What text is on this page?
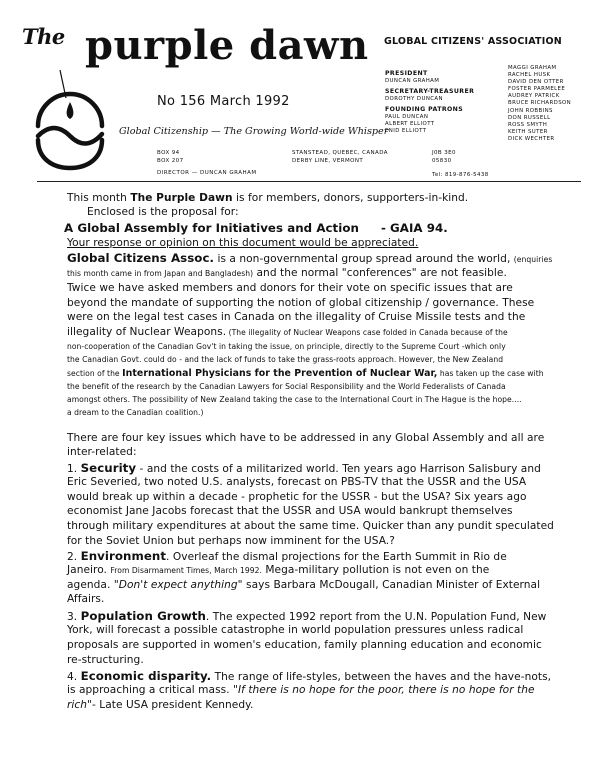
The purple dawn
No 156 March 1992
Global Citizenship — The Growing World-wide Whisper
GLOBAL CITIZENS' ASSOCIATION
PRESIDENT
DUNCAN GRAHAM
SECRETARY-TREASURER
DOROTHY DUNCAN
FOUNDING PATRONS
PAUL DUNCAN
ALBERT ELLIOTT
ENID ELLIOTT
MAGGI GRAHAM
RACHEL HUSK
DAVID DEN OTTER
FOSTER PARMELEE
AUDREY PATRICK
BRUCE RICHARDSON
JOHN ROBBINS
DON RUSSELL
ROSS SMYTH
KEITH SUTER
DICK WECHTER
BOX 94
BOX 207
STANSTEAD, QUEBEC, CANADA
DERBY LINE, VERMONT
J0B 3E0
05830
DIRECTOR — DUNCAN GRAHAM	Tel: 819-876-5438
This month The Purple Dawn is for members, donors, supporters-in-kind.
Enclosed is the proposal for:
A Global Assembly for Initiatives and Action - GAIA 94.
Your response or opinion on this document would be appreciated.
Global Citizens Assoc. is a non-governmental group spread around the world, (enquiries
this month came in from Japan and Bangladesh) and the normal "conferences" are not feasible.
Twice we have asked members and donors for their vote on specific issues that are
beyond the mandate of supporting the notion of global citizenship / governance. These
were on the legal test cases in Canada on the illegality of Cruise Missile tests and the
illegality of Nuclear Weapons. (The illegality of Nuclear Weapons case folded in Canada because of the
non-cooperation of the Canadian Gov't in taking the issue, on principle, directly to the Supreme Court -which only
the Canadian Govt. could do - and the lack of funds to take the grass-roots approach. However, the New Zealand
section of the International Physicians for the Prevention of Nuclear War, has taken up the case with
the benefit of the research by the Canadian Lawyers for Social Responsibility and the World Federalists of Canada
amongst others. The possibility of New Zealand taking the case to the International Court in The Hague is the hope....
a dream to the Canadian coalition.)
There are four key issues which have to be addressed in any Global Assembly and all are
inter-related:
1. Security - and the costs of a militarized world. Ten years ago Harrison Salisbury and
Eric Severied, two noted U.S. analysts, forecast on PBS-TV that the USSR and the USA
would break up within a decade - prophetic for the USSR - but the USA? Six years ago
economist Jane Jacobs forecast that the USSR and USA would bankrupt themselves
through military expenditures at about the same time. Quicker than any pundit speculated
for the Soviet Union but perhaps now imminent for the USA.?
2. Environment. Overleaf the dismal projections for the Earth Summit in Rio de
Janeiro. From Disarmament Times, March 1992. Mega-military pollution is not even on the
agenda. "Don't expect anything" says Barbara McDougall, Canadian Minister of External
Affairs.
3. Population Growth. The expected 1992 report from the U.N. Population Fund, New
York, will forecast a possible catastrophe in world population pressures unless radical
proposals are supported in women's education, family planning education and economic
re-structuring.
4. Economic disparity. The range of life-styles, between the haves and the have-nots,
is approaching a critical mass. "If there is no hope for the poor, there is no hope for the
rich"- Late USA president Kennedy.
